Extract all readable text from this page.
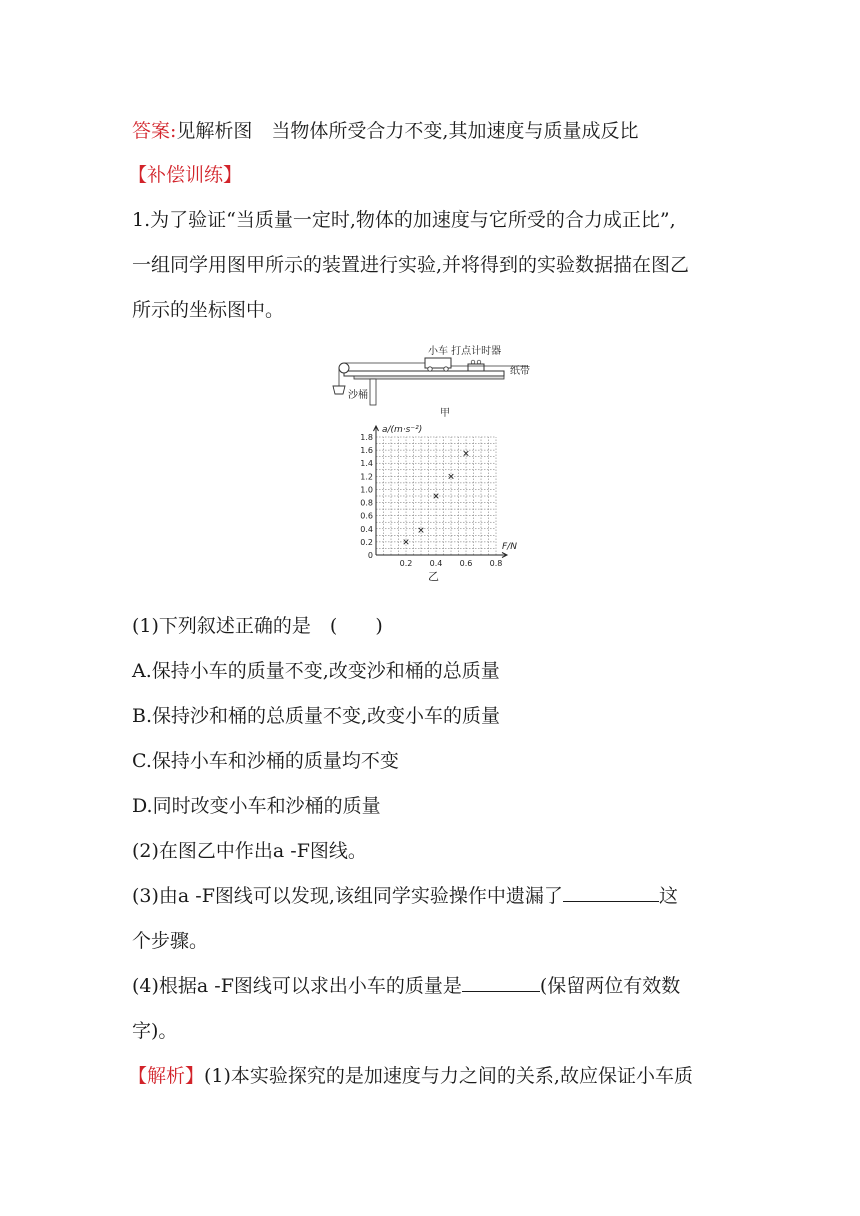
答案:见解析图　当物体所受合力不变,其加速度与质量成反比
【补偿训练】
1.为了验证“当质量一定时,物体的加速度与它所受的合力成正比”,
一组同学用图甲所示的装置进行实验,并将得到的实验数据描在图乙
所示的坐标图中。
小车 打点计时器
纸带
沙桶
甲
0
0.2
0.4
0.6
0.8
1.0
1.2
1.4
1.6
1.8
0.2 0.4 0.6 0.8
a/(m·s⁻²)
F/N
乙
(1)下列叙述正确的是　(　　)
A.保持小车的质量不变,改变沙和桶的总质量
B.保持沙和桶的总质量不变,改变小车的质量
C.保持小车和沙桶的质量均不变
D.同时改变小车和沙桶的质量
(2)在图乙中作出a -F图线。
(3)由a -F图线可以发现,该组同学实验操作中遗漏了	这
个步骤。
(4)根据a -F图线可以求出小车的质量是	(保留两位有效数
字)。
【解析】(1)本实验探究的是加速度与力之间的关系,故应保证小车质
